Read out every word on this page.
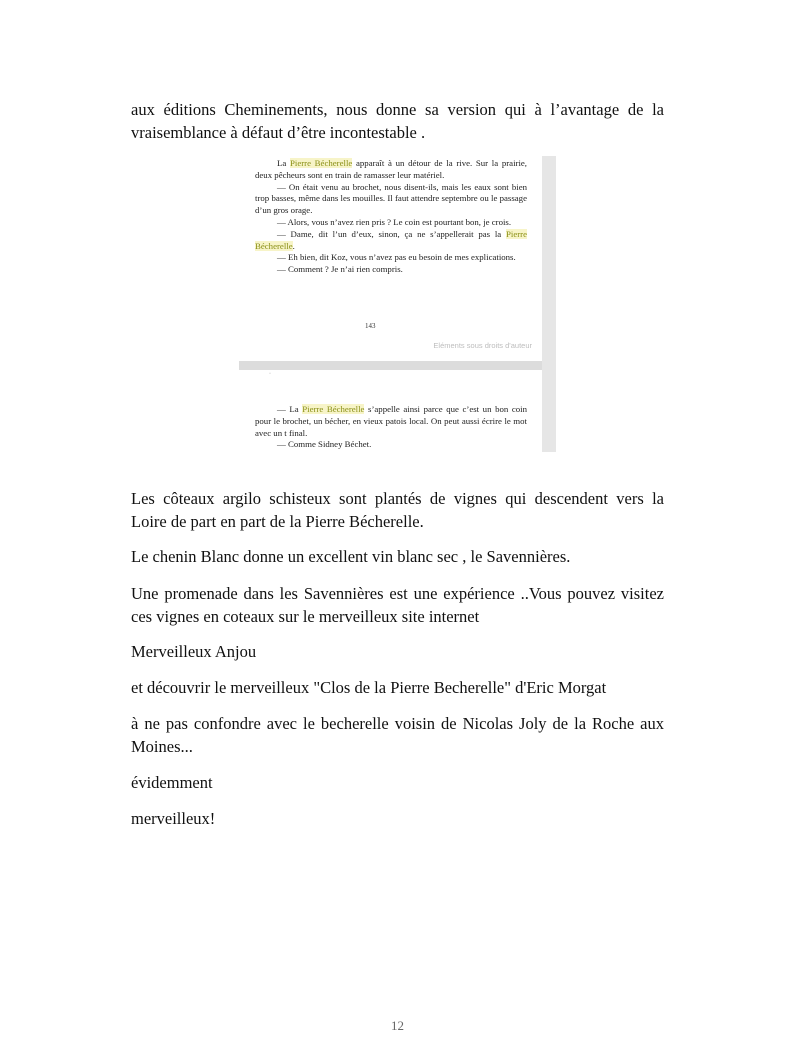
aux éditions Cheminements, nous donne sa version qui à l’avantage de la
vraisemblance à défaut d’être incontestable .

La Pierre Bécherelle apparaît à un détour de la rive. Sur la prairie, deux pêcheurs sont en train de ramasser leur matériel.

— On était venu au brochet, nous disent-ils, mais les eaux sont bien trop basses, même dans les mouilles. Il faut attendre septembre ou le passage d’un gros orage.

— Alors, vous n’avez rien pris ? Le coin est pourtant bon, je crois.

— Dame, dit l’un d’eux, sinon, ça ne s’appellerait pas la Pierre Bécherelle.

— Eh bien, dit Koz, vous n’avez pas eu besoin de mes explications.

— Comment ? Je n’ai rien compris.

143
Eléments sous droits d'auteur
·

— La Pierre Bécherelle s’appelle ainsi parce que c’est un bon coin pour le brochet, un bécher, en vieux patois local. On peut aussi écrire le mot avec un t final.

— Comme Sidney Béchet.

Les côteaux argilo schisteux sont plantés de vignes qui descendent vers la
Loire de part en part de la Pierre Bécherelle.
Le chenin Blanc donne un excellent vin blanc sec , le Savennières.
Une promenade dans les Savennières est une expérience ..Vous pouvez visitez
ces vignes en coteaux sur le merveilleux site internet
Merveilleux Anjou
et découvrir le merveilleux "Clos de la Pierre Becherelle" d'Eric Morgat
à ne pas confondre avec le becherelle voisin de Nicolas Joly de la Roche aux
Moines...
évidemment
merveilleux!
12
